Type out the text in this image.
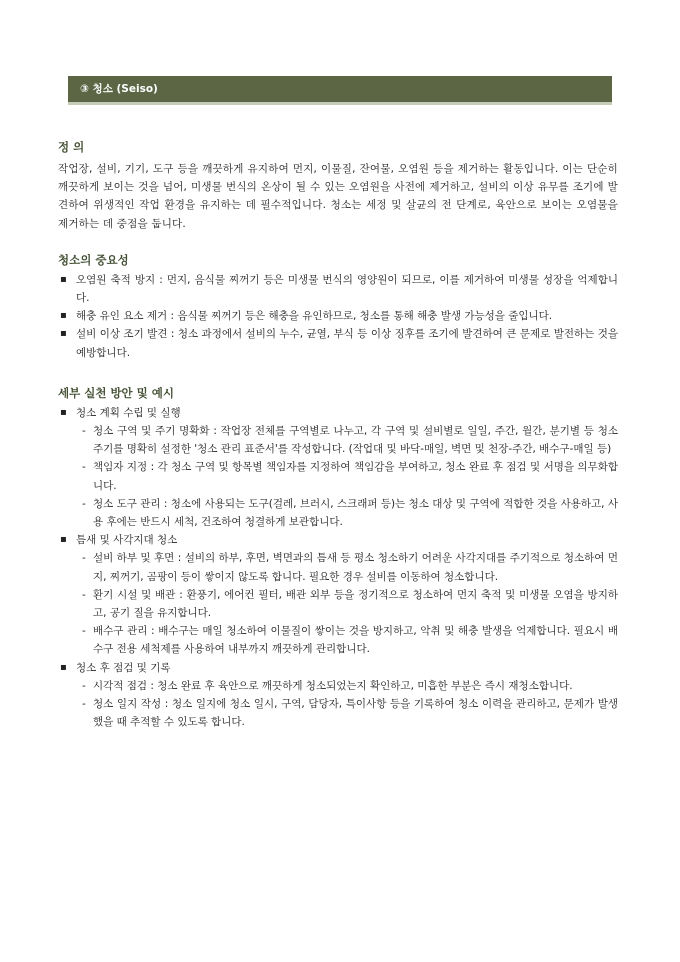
③ 청소 (Seiso)
정 의

작업장, 설비, 기기, 도구 등을 깨끗하게 유지하여 먼지, 이물질, 잔여물, 오염원 등을 제거하는 활동입니다. 이는 단순히 깨끗하게 보이는 것을 넘어, 미생물 번식의 온상이 될 수 있는 오염원을 사전에 제거하고, 설비의 이상 유무를 조기에 발견하여 위생적인 작업 환경을 유지하는 데 필수적입니다. 청소는 세정 및 살균의 전 단계로, 육안으로 보이는 오염물을 제거하는 데 중점을 둡니다.

청소의 중요성
▪ 오염원 축적 방지 : 먼지, 음식물 찌꺼기 등은 미생물 번식의 영양원이 되므로, 이를 제거하여 미생물 성장을 억제합니다.
▪ 해충 유인 요소 제거 : 음식물 찌꺼기 등은 해충을 유인하므로, 청소를 통해 해충 발생 가능성을 줄입니다.
▪ 설비 이상 조기 발견 : 청소 과정에서 설비의 누수, 균열, 부식 등 이상 징후를 조기에 발견하여 큰 문제로 발전하는 것을 예방합니다.
세부 실천 방안 및 예시
▪ 청소 계획 수립 및 실행
- 청소 구역 및 주기 명확화 : 작업장 전체를 구역별로 나누고, 각 구역 및 설비별로 일일, 주간, 월간, 분기별 등 청소 주기를 명확히 설정한 '청소 관리 표준서'를 작성합니다. (작업대 및 바닥-매일, 벽면 및 천장-주간, 배수구-매일 등)
- 책임자 지정 : 각 청소 구역 및 항목별 책임자를 지정하여 책임감을 부여하고, 청소 완료 후 점검 및 서명을 의무화합니다.
- 청소 도구 관리 : 청소에 사용되는 도구(걸레, 브러시, 스크래퍼 등)는 청소 대상 및 구역에 적합한 것을 사용하고, 사용 후에는 반드시 세척, 건조하여 청결하게 보관합니다.
▪ 틈새 및 사각지대 청소
- 설비 하부 및 후면 : 설비의 하부, 후면, 벽면과의 틈새 등 평소 청소하기 어려운 사각지대를 주기적으로 청소하여 먼지, 찌꺼기, 곰팡이 등이 쌓이지 않도록 합니다. 필요한 경우 설비를 이동하여 청소합니다.
- 환기 시설 및 배관 : 환풍기, 에어컨 필터, 배관 외부 등을 정기적으로 청소하여 먼지 축적 및 미생물 오염을 방지하고, 공기 질을 유지합니다.
- 배수구 관리 : 배수구는 매일 청소하여 이물질이 쌓이는 것을 방지하고, 악취 및 해충 발생을 억제합니다. 필요시 배수구 전용 세척제를 사용하여 내부까지 깨끗하게 관리합니다.
▪ 청소 후 점검 및 기록
- 시각적 점검 : 청소 완료 후 육안으로 깨끗하게 청소되었는지 확인하고, 미흡한 부분은 즉시 재청소합니다.
- 청소 일지 작성 : 청소 일지에 청소 일시, 구역, 담당자, 특이사항 등을 기록하여 청소 이력을 관리하고, 문제가 발생했을 때 추적할 수 있도록 합니다.
